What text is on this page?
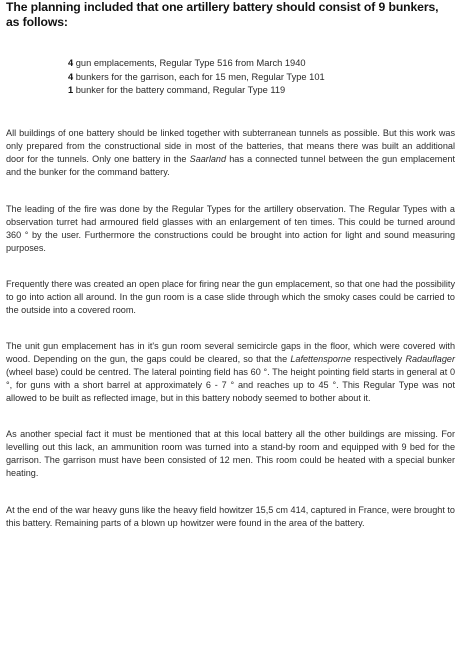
The planning included that one artillery battery should consist of 9 bunkers, as follows:

4 gun emplacements, Regular Type 516 from March 1940
4 bunkers for the garrison, each for 15 men, Regular Type 101
1 bunker for the battery command, Regular Type 119

All buildings of one battery should be linked together with subterranean tunnels as possible. But this work was only prepared from the constructional side in most of the batteries, that means there was built an additional door for the tunnels. Only one battery in the Saarland has a connected tunnel between the gun emplacement and the bunker for the command battery.

The leading of the fire was done by the Regular Types for the artillery observation. The Regular Types with a observation turret had armoured field glasses with an enlargement of ten times. This could be turned around 360 ° by the user. Furthermore the constructions could be brought into action for light and sound measuring purposes.

Frequently there was created an open place for firing near the gun emplacement, so that one had the possibility to go into action all around. In the gun room is a case slide through which the smoky cases could be carried to the outside into a covered room.

The unit gun emplacement has in it's gun room several semicircle gaps in the floor, which were covered with wood. Depending on the gun, the gaps could be cleared, so that the Lafettensporne respectively Radauflager (wheel base) could be centred. The lateral pointing field has 60 °. The height pointing field starts in general at 0 °, for guns with a short barrel at approximately 6 - 7 ° and reaches up to 45 °. This Regular Type was not allowed to be built as reflected image, but in this battery nobody seemed to bother about it.

As another special fact it must be mentioned that at this local battery all the other buildings are missing. For levelling out this lack, an ammunition room was turned into a stand-by room and equipped with 9 bed for the garrison. The garrison must have been consisted of 12 men. This room could be heated with a special bunker heating.

At the end of the war heavy guns like the heavy field howitzer 15,5 cm 414, captured in France, were brought to this battery. Remaining parts of a blown up howitzer were found in the area of the battery.
